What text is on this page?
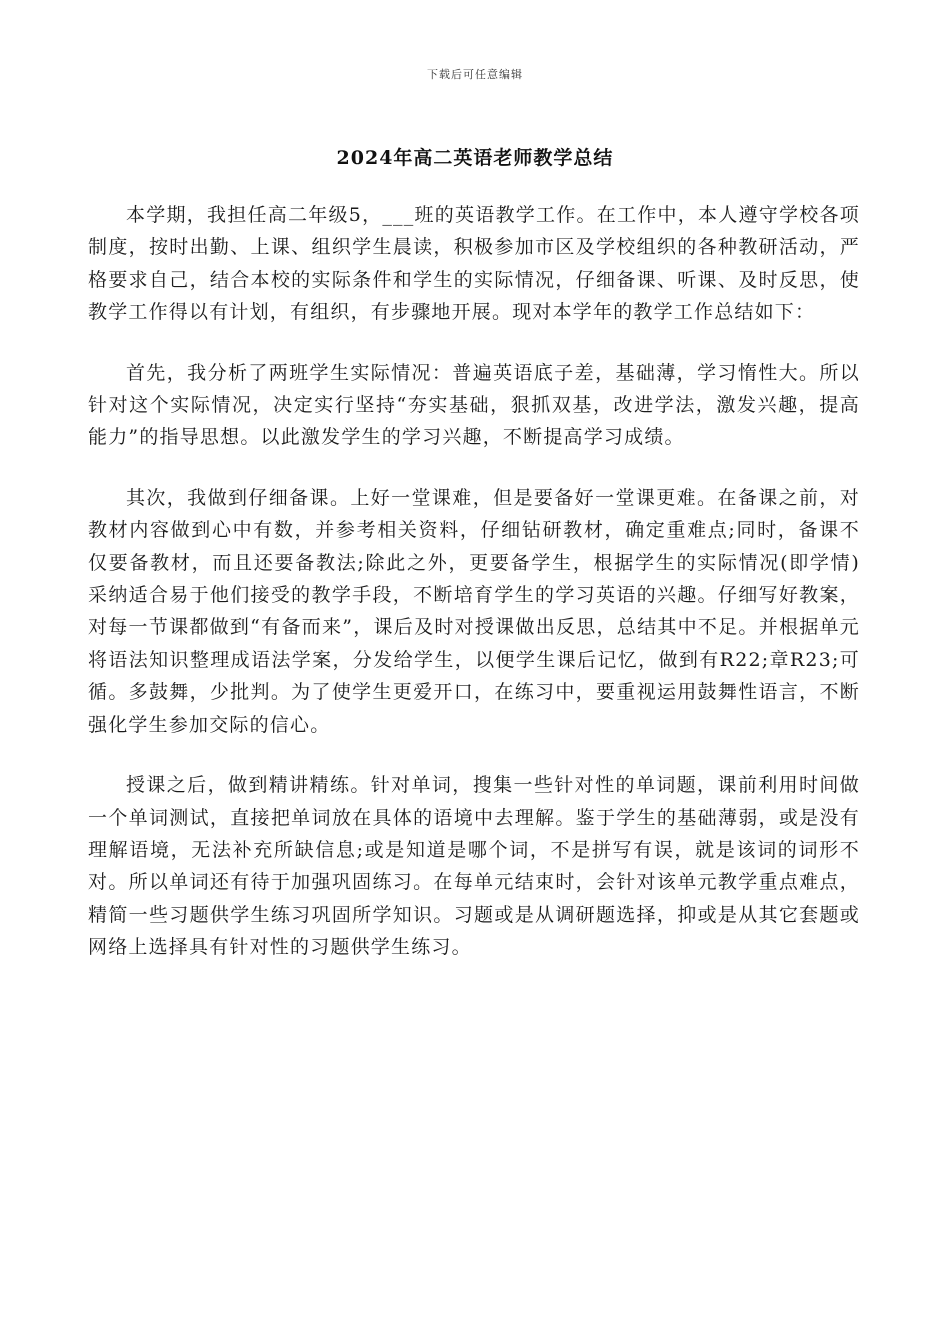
下载后可任意编辑
2024年高二英语老师教学总结

本学期，我担任高二年级5，___班的英语教学工作。在工作中，本人遵守学校各项制度，按时出勤、上课、组织学生晨读，积极参加市区及学校组织的各种教研活动，严格要求自己，结合本校的实际条件和学生的实际情况，仔细备课、听课、及时反思，使教学工作得以有计划，有组织，有步骤地开展。现对本学年的教学工作总结如下：

首先，我分析了两班学生实际情况：普遍英语底子差，基础薄，学习惰性大。所以针对这个实际情况，决定实行坚持“夯实基础，狠抓双基，改进学法，激发兴趣，提高能力”的指导思想。以此激发学生的学习兴趣，不断提高学习成绩。

其次，我做到仔细备课。上好一堂课难，但是要备好一堂课更难。在备课之前，对教材内容做到心中有数，并参考相关资料，仔细钻研教材，确定重难点;同时，备课不仅要备教材，而且还要备教法;除此之外，更要备学生，根据学生的实际情况(即学情)采纳适合易于他们接受的教学手段，不断培育学生的学习英语的兴趣。仔细写好教案，对每一节课都做到“有备而来”，课后及时对授课做出反思，总结其中不足。并根据单元将语法知识整理成语法学案，分发给学生，以便学生课后记忆，做到有R22;章R23;可循。多鼓舞，少批判。为了使学生更爱开口，在练习中，要重视运用鼓舞性语言，不断强化学生参加交际的信心。

授课之后，做到精讲精练。针对单词，搜集一些针对性的单词题，课前利用时间做一个单词测试，直接把单词放在具体的语境中去理解。鉴于学生的基础薄弱，或是没有理解语境，无法补充所缺信息;或是知道是哪个词，不是拼写有误，就是该词的词形不对。所以单词还有待于加强巩固练习。在每单元结束时，会针对该单元教学重点难点，精简一些习题供学生练习巩固所学知识。习题或是从调研题选择，抑或是从其它套题或网络上选择具有针对性的习题供学生练习。
